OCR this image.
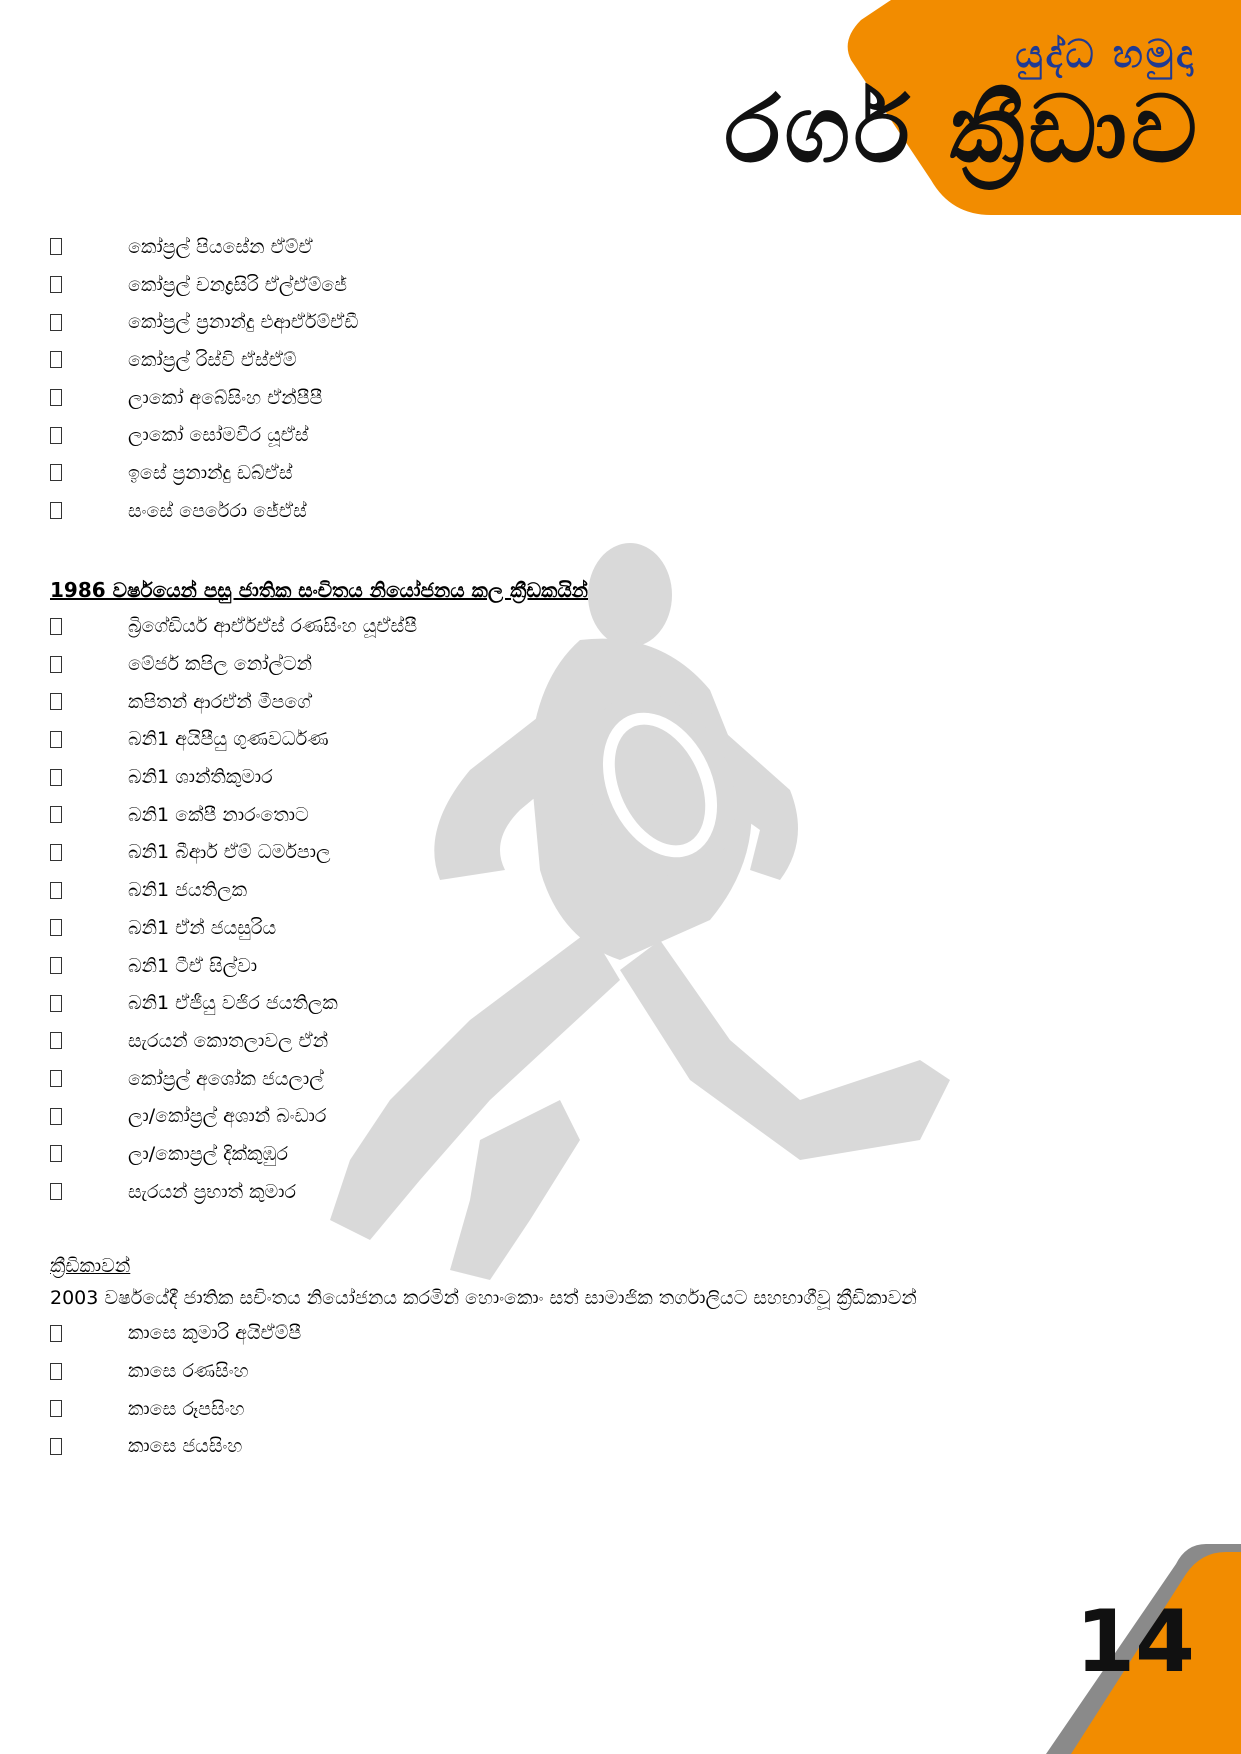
යුද්ධ හමුදා
රගර් ක්‍රීඩාව
කෝප්‍රල් පියසේන ඒම්ඒ
කෝප්‍රල් චනද්‍රසිරි ඒල්ඒම්ජේ
කෝප්‍රල් ප්‍රනාන්දු එආර්ඒම්ඒඩී
කෝප්‍රල් රිස්වි ඒස්ඒම්
ලාකෝ අබේසිංහ ඒන්පීපී
ලාකෝ සෝමවීර යූඒස්
ඉසේ ප්‍රනාන්දු ඩබ්ඒස්
සංසේ පෙරේරා ජේඒස්
1986 වර්ෂයෙන් පසු ජාතික සංචිතය නියෝජනය කල ක්‍රීඩකයින්
බ්‍රිගේඩියර් ආර්ඒඒස් රණසිංහ යූඒස්පී
මේජර් කපිල නෝල්ටන්
කපිතන් ආරඒන් මීපගේ
බනි1 අයිපීයු ගුණවර්ධණ
බනි1 ශාන්තිකුමාර
බනි1 කේපී නාරංතොට
බනි1 බීආර් ඒම් ධර්මපාල
බනි1 ජයතිලක
බනි1 ඒන් ජයසුරිය
බනි1 ටීඒ සිල්වා
බනි1 ඒජීයු වජිර ජයතිලක
සැරයන් කොතලාවල ඒන්
කෝප්‍රල් අශෝක ජයලාල්
ලා/කෝප්‍රල් අශාන් බංඩාර
ලා/කොප්‍රල් දික්කුඹුර
සැරයන් ප්‍රභාත් කුමාර
ක්‍රීඩිකාවන්
2003 වර්ෂයේදී ජාතික සචිංතය නියෝජනය කරමින් හොංකොං සත් සාමාජික තර්ගාලියට සහභාගීවූ ක්‍රීඩිකාවන්
කාසෙ කුමාරි අයිඒම්පී
කාසෙ රණසිංහ
කාසෙ රූපසිංහ
කාසෙ ජයසිංහ
14
